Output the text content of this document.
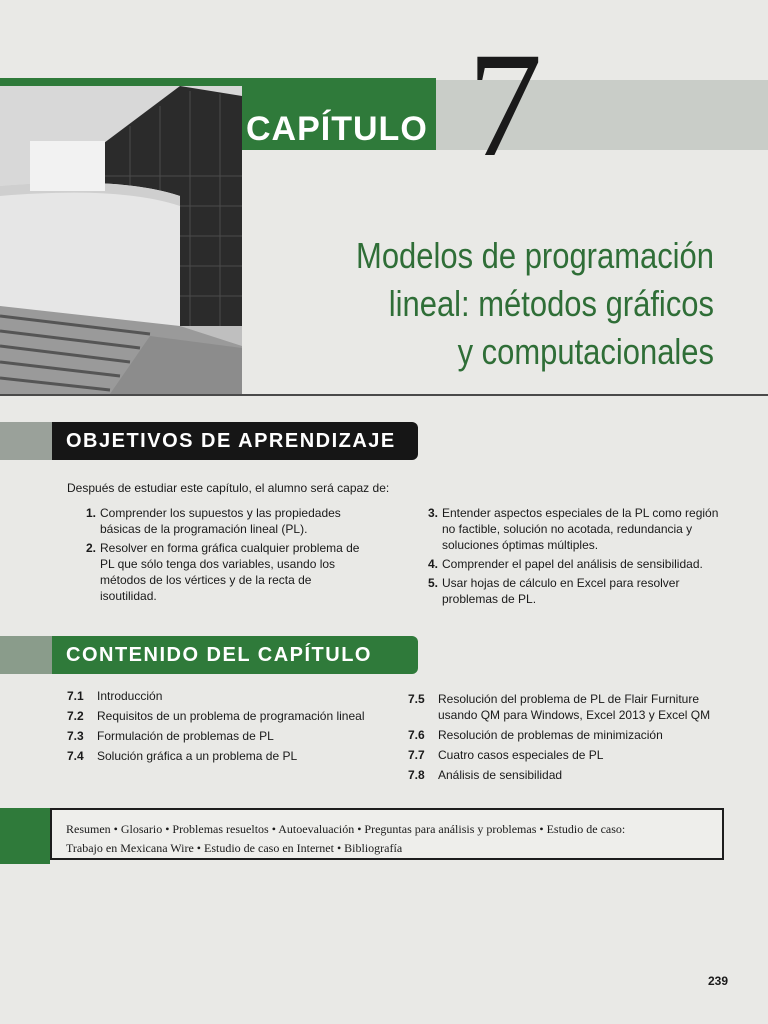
CAPÍTULO 7
Modelos de programación
lineal: métodos gráficos
y computacionales
OBJETIVOS DE APRENDIZAJE
Después de estudiar este capítulo, el alumno será capaz de:
1. Comprender los supuestos y las propiedades básicas de la programación lineal (PL).
2. Resolver en forma gráfica cualquier problema de PL que sólo tenga dos variables, usando los métodos de los vértices y de la recta de isoutilidad.
3. Entender aspectos especiales de la PL como región no factible, solución no acotada, redundancia y soluciones óptimas múltiples.
4. Comprender el papel del análisis de sensibilidad.
5. Usar hojas de cálculo en Excel para resolver problemas de PL.
CONTENIDO DEL CAPÍTULO
7.1	Introducción
7.2	Requisitos de un problema de programación lineal
7.3	Formulación de problemas de PL
7.4	Solución gráfica a un problema de PL
7.5	Resolución del problema de PL de Flair Furniture usando QM para Windows, Excel 2013 y Excel QM
7.6	Resolución de problemas de minimización
7.7	Cuatro casos especiales de PL
7.8	Análisis de sensibilidad
Resumen • Glosario • Problemas resueltos • Autoevaluación • Preguntas para análisis y problemas • Estudio de caso:
Trabajo en Mexicana Wire • Estudio de caso en Internet • Bibliografía
239
